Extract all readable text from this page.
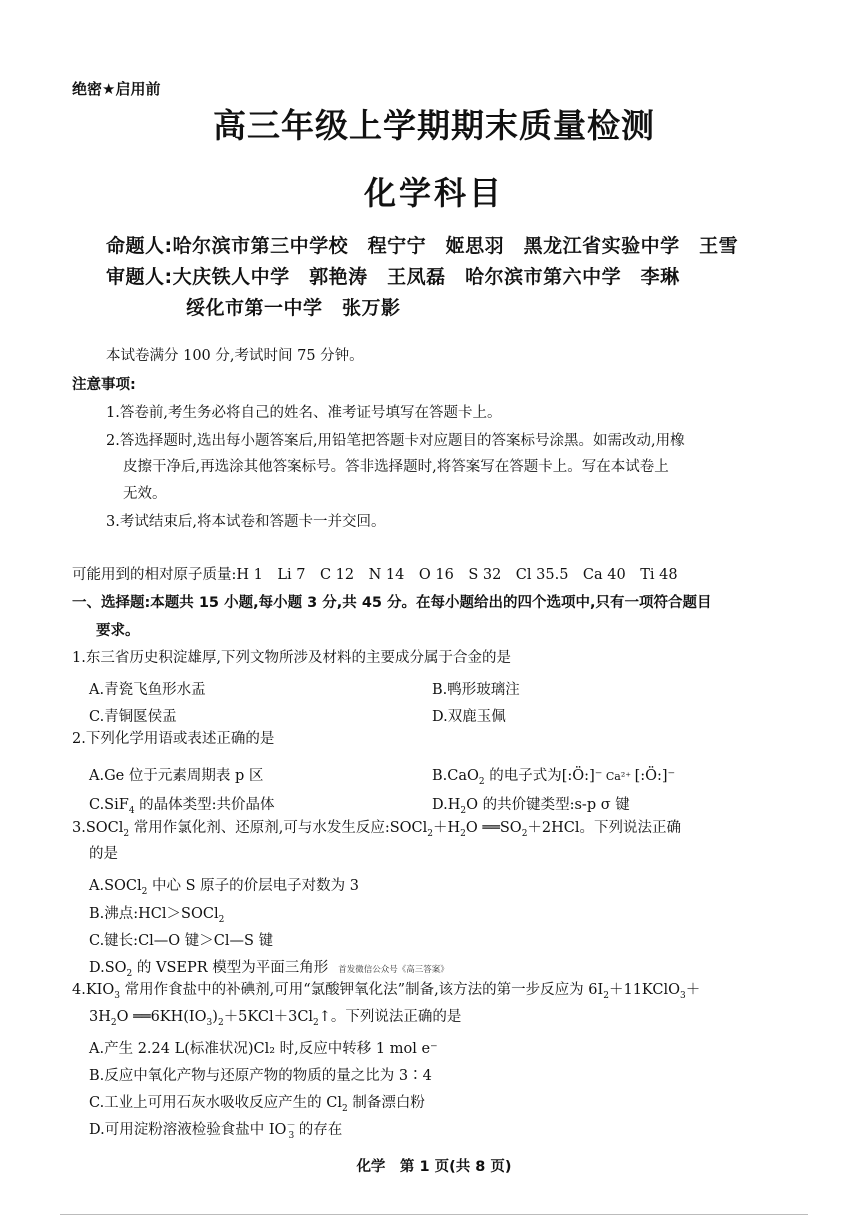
绝密★启用前
高三年级上学期期末质量检测
化学科目
命题人:哈尔滨市第三中学校　程宁宁　姬思羽　黑龙江省实验中学　王雪
审题人:大庆铁人中学　郭艳涛　王凤磊　哈尔滨市第六中学　李琳
绥化市第一中学　张万影
本试卷满分 100 分,考试时间 75 分钟。
注意事项:
1.答卷前,考生务必将自己的姓名、准考证号填写在答题卡上。
2.答选择题时,选出每小题答案后,用铅笔把答题卡对应题目的答案标号涂黑。如需改动,用橡
皮擦干净后,再选涂其他答案标号。答非选择题时,将答案写在答题卡上。写在本试卷上
无效。
3.考试结束后,将本试卷和答题卡一并交回。
可能用到的相对原子质量:H 1　Li 7　C 12　N 14　O 16　S 32　Cl 35.5　Ca 40　Ti 48
一、选择题:本题共 15 小题,每小题 3 分,共 45 分。在每小题给出的四个选项中,只有一项符合题目
要求。
1.东三省历史积淀雄厚,下列文物所涉及材料的主要成分属于合金的是
A.青瓷飞鱼形水盂	B.鸭形玻璃注
C.青铜匽侯盂	D.双鹿玉佩
2.下列化学用语或表述正确的是
A.Ge 位于元素周期表 p 区	B.CaO$_2$ 的电子式为[:Ö:]⁻ Ca²⁺ [:Ö:]⁻
C.SiF$_4$ 的晶体类型:共价晶体	$D.H_2O$ 的共价键类型:s-p σ 键
3.SOCl$_2$ 常用作氯化剂、还原剂,可与水发生反应$:SOCl_2+H_2O$ $══SO_2+2HCl$。下列说法正确
的是
A.SOCl$_2$ 中心 S 原子的价层电子对数为 3
B.沸点:HCl＞SOCl$_2$
C.键长:Cl—O 键＞Cl—S 键
$D.SO_2$ 的 VSEPR 模型为平面三角形 首发微信公众号《高三答案》
$4.KIO_3$ 常用作食盐中的补碘剂,可用“氯酸钾氧化法”制备,该方法的第一步反应为 $6I_2+11KClO_3+$
$3H_2O$ $══6KH(IO_3)_2+5KCl+3Cl_2↑$。下列说法正确的是
A.产生 2.24 L(标准状况)Cl₂ 时,反应中转移 1 mol e⁻
B.反应中氧化产物与还原产物的物质的量之比为 3∶4
C.工业上可用石灰水吸收反应产生的 $Cl_2$ 制备漂白粉
D.可用淀粉溶液检验食盐中 $IO^-_3$ 的存在
化学　第 1 页(共 8 页)
